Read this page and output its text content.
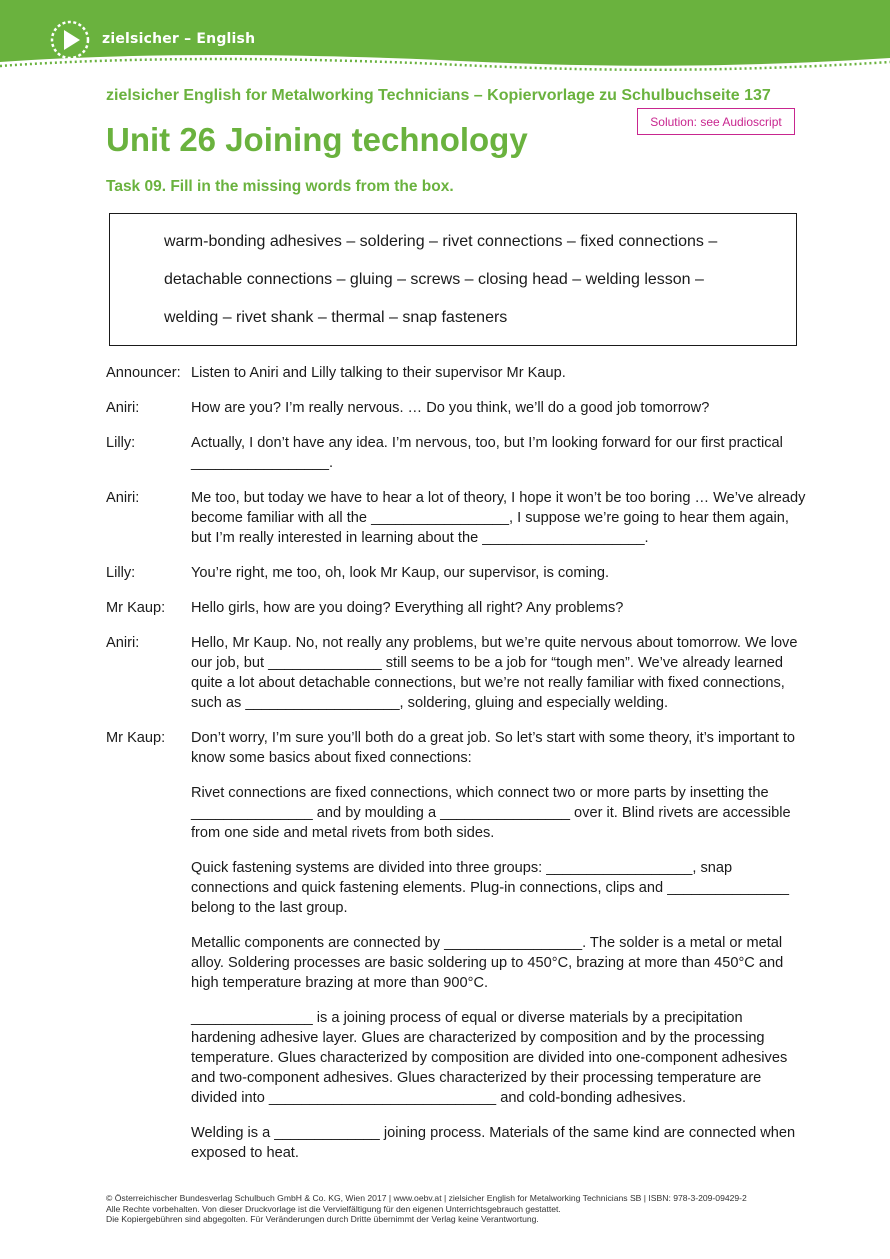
zielsicher – English
zielsicher English for Metalworking Technicians – Kopiervorlage zu Schulbuchseite 137
Unit 26 Joining technology	Solution: see Audioscript
Task 09. Fill in the missing words from the box.
warm-bonding adhesives – soldering – rivet connections – fixed connections –
detachable connections – gluing – screws – closing head – welding lesson –
welding – rivet shank – thermal – snap fasteners
Announcer: Listen to Aniri and Lilly talking to their supervisor Mr Kaup.
Aniri:	How are you? I’m really nervous. … Do you think, we’ll do a good job tomorrow?
Lilly:	Actually, I don’t have any idea. I’m nervous, too, but I’m looking forward for our first practical _________________.
Aniri:	Me too, but today we have to hear a lot of theory, I hope it won’t be too boring … We’ve already become familiar with all the _________________, I suppose we’re going to hear them again, but I’m really interested in learning about the ____________________.
Lilly:	You’re right, me too, oh, look Mr Kaup, our supervisor, is coming.
Mr Kaup:	Hello girls, how are you doing? Everything all right? Any problems?
Aniri:	Hello, Mr Kaup. No, not really any problems, but we’re quite nervous about tomorrow. We love our job, but ______________ still seems to be a job for “tough men”. We’ve already learned quite a lot about detachable connections, but we’re not really familiar with fixed connections, such as ___________________, soldering, gluing and especially welding.
Mr Kaup:	Don’t worry, I’m sure you’ll both do a great job. So let’s start with some theory, it’s important to know some basics about fixed connections:
Rivet connections are fixed connections, which connect two or more parts by insetting the _______________ and by moulding a ________________ over it. Blind rivets are accessible from one side and metal rivets from both sides.
Quick fastening systems are divided into three groups: __________________, snap connections and quick fastening elements. Plug-in connections, clips and _______________ belong to the last group.
Metallic components are connected by _________________. The solder is a metal or metal alloy. Soldering processes are basic soldering up to 450°C, brazing at more than 450°C and high temperature brazing at more than 900°C.
_______________ is a joining process of equal or diverse materials by a precipitation hardening adhesive layer. Glues are characterized by composition and by the processing temperature. Glues characterized by composition are divided into one-component adhesives and two-component adhesives. Glues characterized by their processing temperature are divided into ____________________________ and cold-bonding adhesives.
Welding is a _____________ joining process. Materials of the same kind are connected when exposed to heat.
© Österreichischer Bundesverlag Schulbuch GmbH & Co. KG, Wien 2017 | www.oebv.at | zielsicher English for Metalworking Technicians SB | ISBN: 978-3-209-09429-2
Alle Rechte vorbehalten. Von dieser Druckvorlage ist die Vervielfältigung für den eigenen Unterrichtsgebrauch gestattet.
Die Kopiergebühren sind abgegolten. Für Veränderungen durch Dritte übernimmt der Verlag keine Verantwortung.
